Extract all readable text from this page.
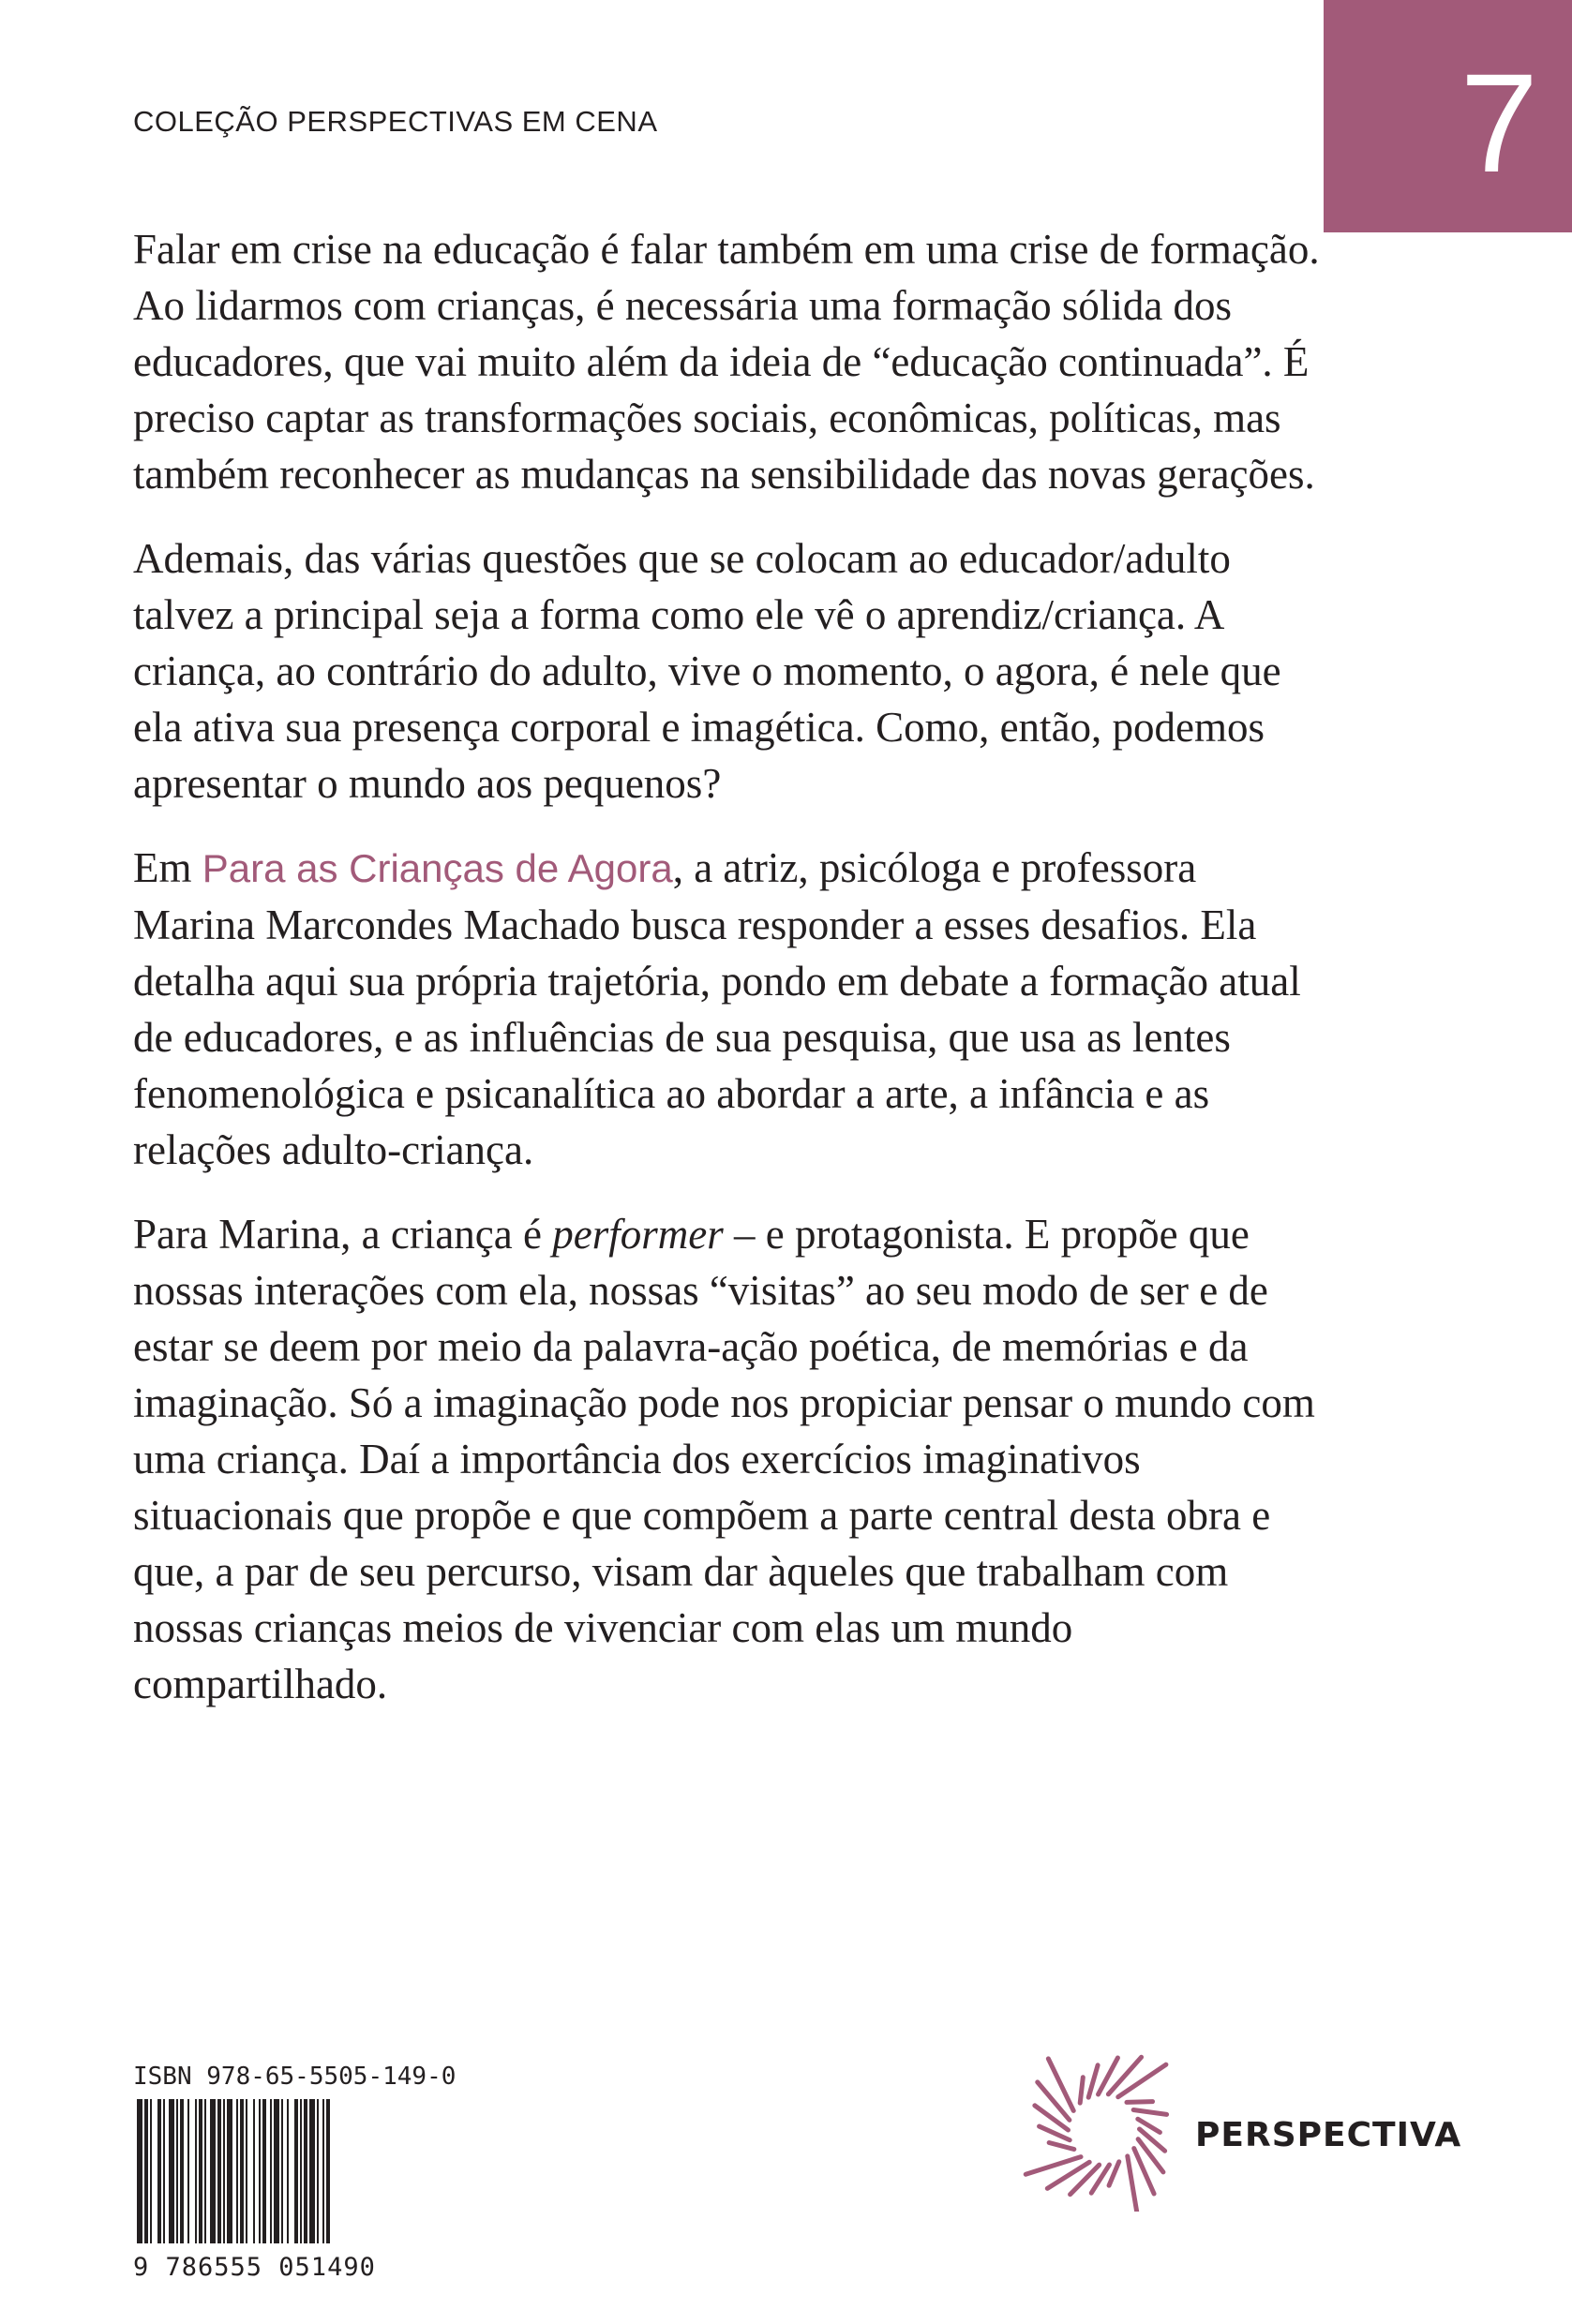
COLEÇÃO PERSPECTIVAS EM CENA	7

Falar em crise na educação é falar também em uma crise de formação. Ao lidarmos com crianças, é necessária uma formação sólida dos educadores, que vai muito além da ideia de “educação continuada”. É preciso captar as transformações sociais, econômicas, políticas, mas também reconhecer as mudanças na sensibilidade das novas gerações.

Ademais, das várias questões que se colocam ao educador/adulto talvez a principal seja a forma como ele vê o aprendiz/criança. A criança, ao contrário do adulto, vive o momento, o agora, é nele que ela ativa sua presença corporal e imagética. Como, então, podemos apresentar o mundo aos pequenos?

Em Para as Crianças de Agora, a atriz, psicóloga e professora Marina Marcondes Machado busca responder a esses desafios. Ela detalha aqui sua própria trajetória, pondo em debate a formação atual de educadores, e as influências de sua pesquisa, que usa as lentes fenomenológica e psicanalítica ao abordar a arte, a infância e as relações adulto-criança.

Para Marina, a criança é performer – e protagonista. E propõe que nossas interações com ela, nossas “visitas” ao seu modo de ser e de estar se deem por meio da palavra-ação poética, de memórias e da imaginação. Só a imaginação pode nos propiciar pensar o mundo com uma criança. Daí a importância dos exercícios imaginativos situacionais que propõe e que compõem a parte central desta obra e que, a par de seu percurso, visam dar àqueles que trabalham com nossas crianças meios de vivenciar com elas um mundo compartilhado.

ISBN 978-65-5505-149-0
9 786555 051490
PERSPECTIVA
